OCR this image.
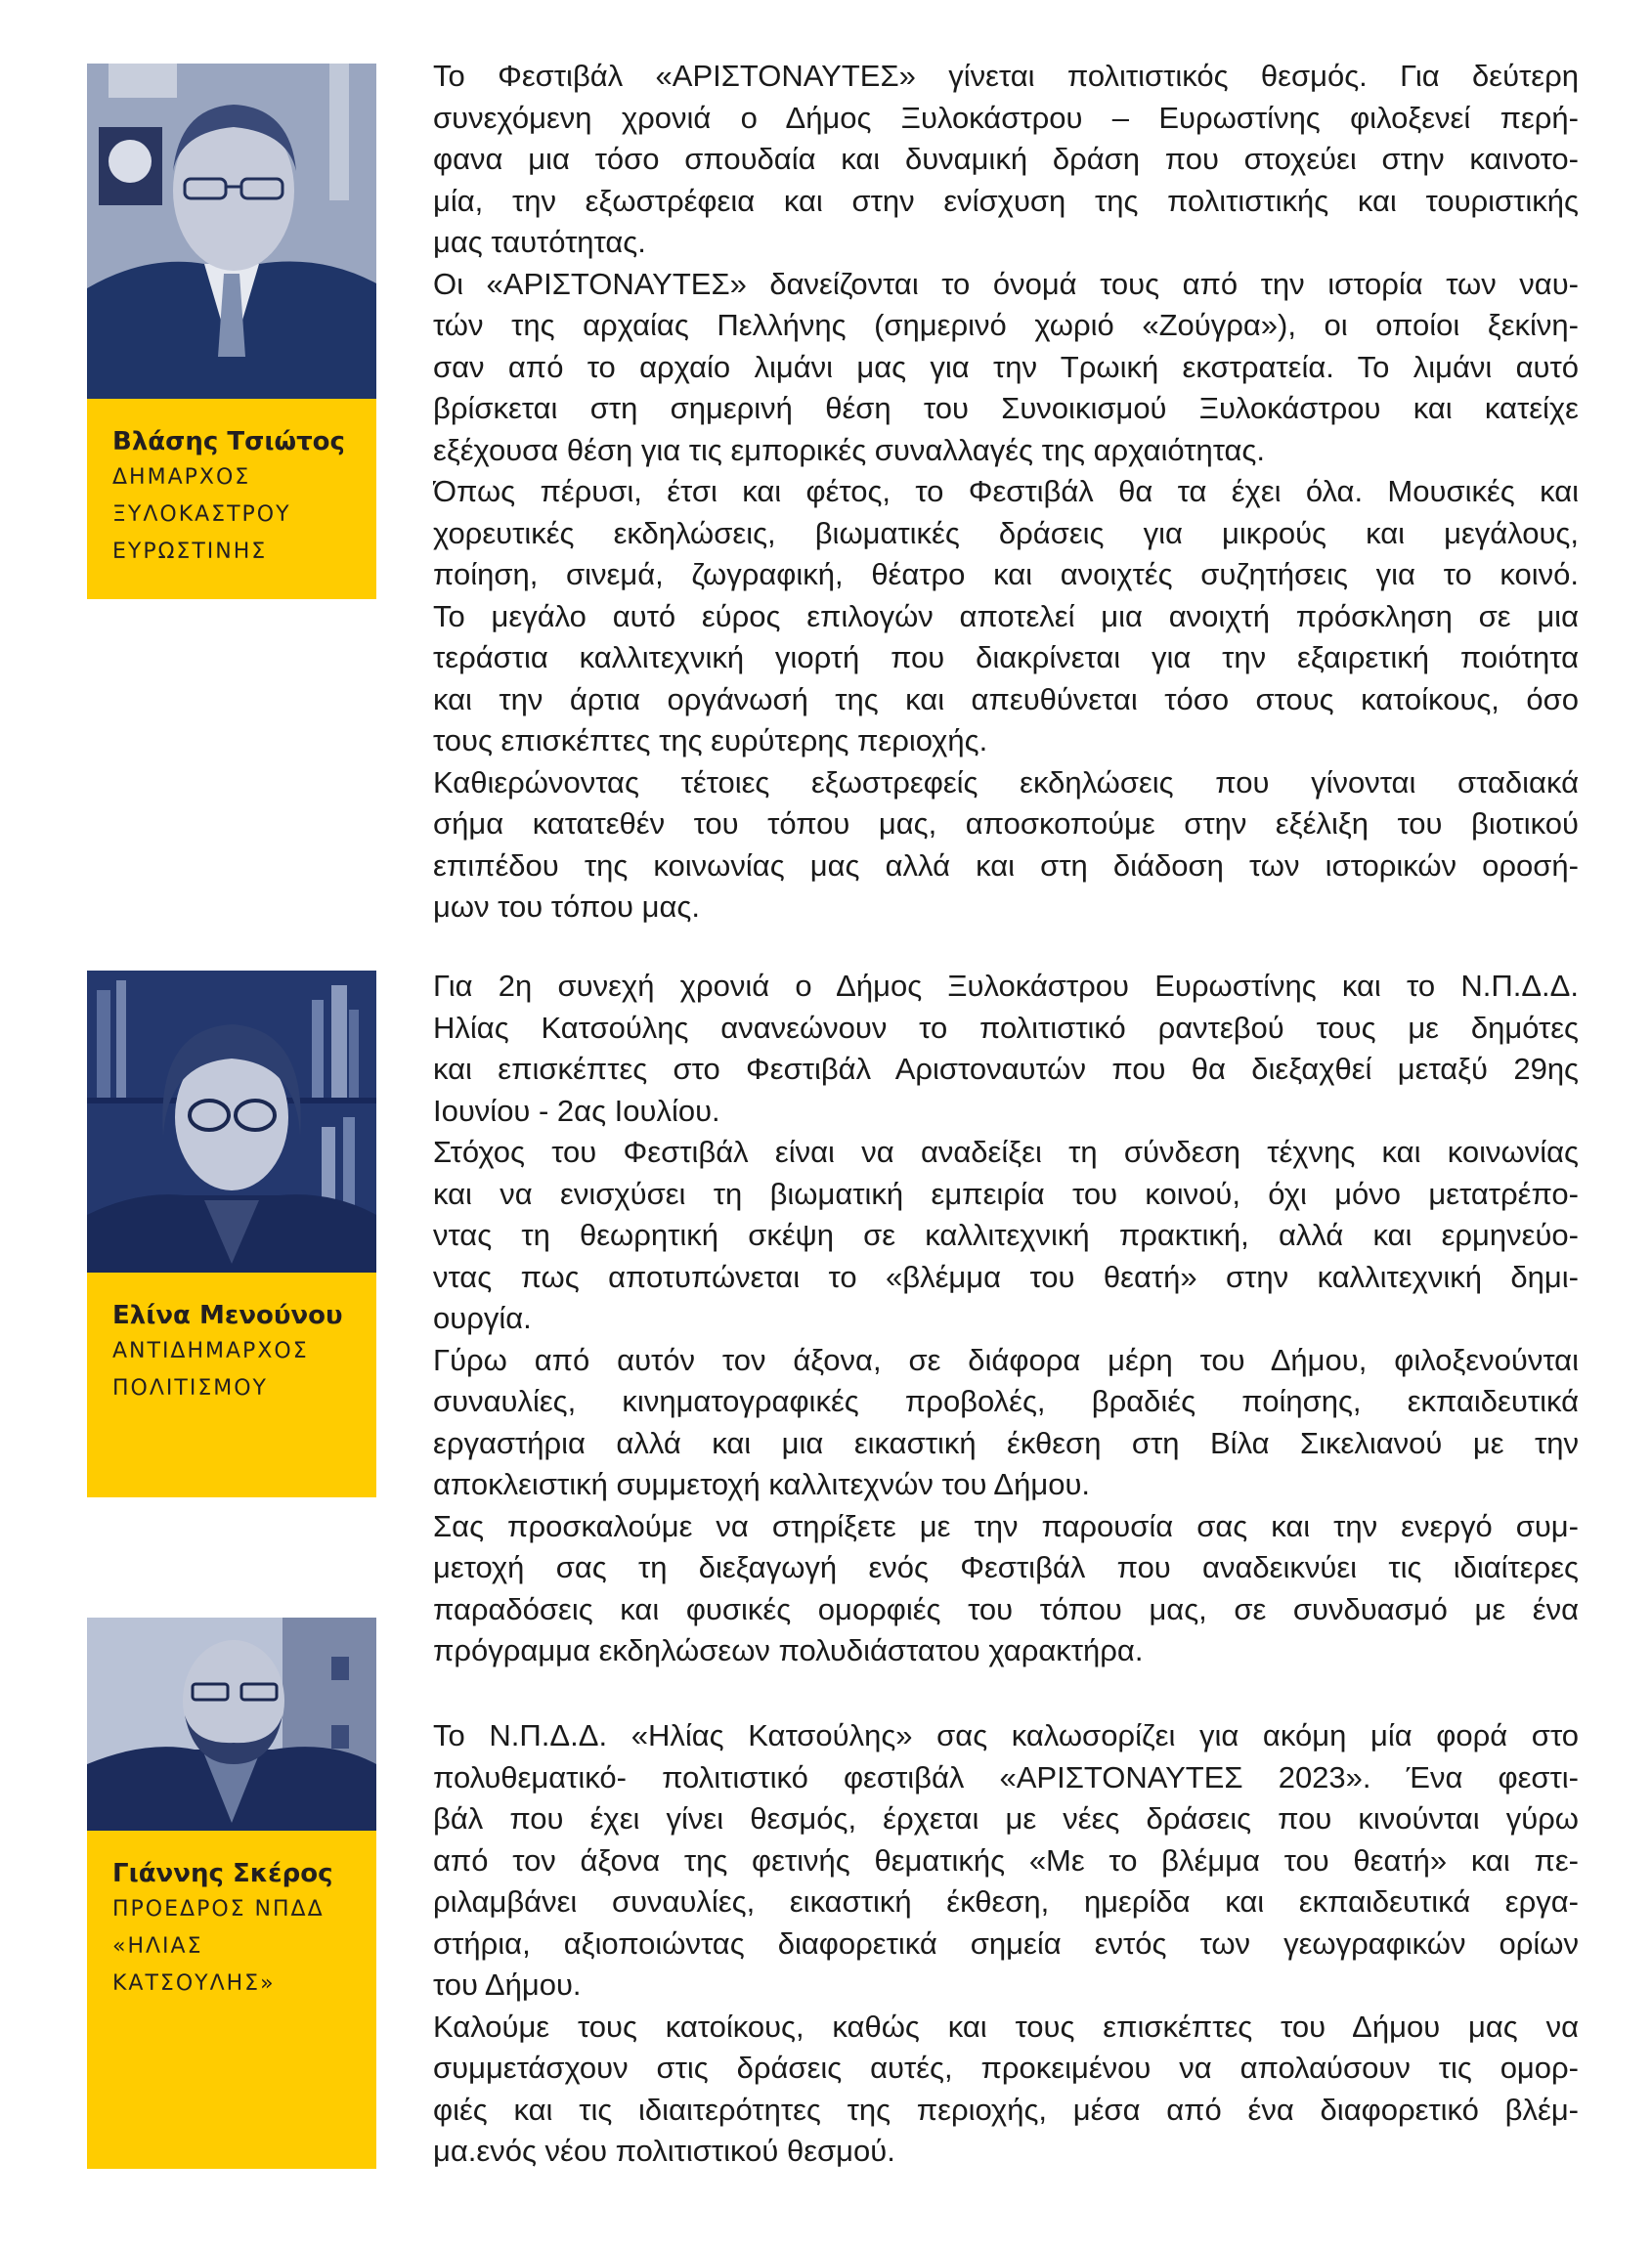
Βλάσης Τσιώτος
ΔΗΜΑΡΧΟΣ
ΞΥΛΟΚΑΣΤΡΟΥ
ΕΥΡΩΣΤΙΝΗΣ
Ελίνα Μενούνου
ΑΝΤΙΔΗΜΑΡΧΟΣ
ΠΟΛΙΤΙΣΜΟΥ
Γιάννης Σκέρος
ΠΡΟΕΔΡΟΣ ΝΠΔΔ
«ΗΛΙΑΣ
ΚΑΤΣΟΥΛΗΣ»
Το Φεστιβάλ «ΑΡΙΣΤΟΝΑΥΤΕΣ» γίνεται πολιτιστικός θεσμός. Για δεύτερη
συνεχόμενη χρονιά ο Δήμος Ξυλοκάστρου – Ευρωστίνης φιλοξενεί περή-
φανα μια τόσο σπουδαία και δυναμική δράση που στοχεύει στην καινοτο-
μία, την εξωστρέφεια και στην ενίσχυση της πολιτιστικής και τουριστικής
μας ταυτότητας.
Οι «ΑΡΙΣΤΟΝΑΥΤΕΣ» δανείζονται το όνομά τους από την ιστορία των ναυ-
τών της αρχαίας Πελλήνης (σημερινό χωριό «Ζούγρα»), οι οποίοι ξεκίνη-
σαν από το αρχαίο λιμάνι μας για την Τρωική εκστρατεία. Το λιμάνι αυτό
βρίσκεται στη σημερινή θέση του Συνοικισμού Ξυλοκάστρου και κατείχε
εξέχουσα θέση για τις εμπορικές συναλλαγές της αρχαιότητας.
Όπως πέρυσι, έτσι και φέτος, το Φεστιβάλ θα τα έχει όλα. Μουσικές και
χορευτικές εκδηλώσεις, βιωματικές δράσεις για μικρούς και μεγάλους,
ποίηση, σινεμά, ζωγραφική, θέατρο και ανοιχτές συζητήσεις για το κοινό.
Το μεγάλο αυτό εύρος επιλογών αποτελεί μια ανοιχτή πρόσκληση σε μια
τεράστια καλλιτεχνική γιορτή που διακρίνεται για την εξαιρετική ποιότητα
και την άρτια οργάνωσή της και απευθύνεται τόσο στους κατοίκους, όσο
τους επισκέπτες της ευρύτερης περιοχής.
Καθιερώνοντας τέτοιες εξωστρεφείς εκδηλώσεις που γίνονται σταδιακά
σήμα κατατεθέν του τόπου μας, αποσκοπούμε στην εξέλιξη του βιοτικού
επιπέδου της κοινωνίας μας αλλά και στη διάδοση των ιστορικών οροσή-
μων του τόπου μας.
Για 2η συνεχή χρονιά ο Δήμος Ξυλοκάστρου Ευρωστίνης και το Ν.Π.Δ.Δ.
Ηλίας Κατσούλης ανανεώνουν το πολιτιστικό ραντεβού τους με δημότες
και επισκέπτες στο Φεστιβάλ Αριστοναυτών που θα διεξαχθεί μεταξύ 29ης
Ιουνίου - 2ας Ιουλίου.
Στόχος του Φεστιβάλ είναι να αναδείξει τη σύνδεση τέχνης και κοινωνίας
και να ενισχύσει τη βιωματική εμπειρία του κοινού, όχι μόνο μετατρέπο-
ντας τη θεωρητική σκέψη σε καλλιτεχνική πρακτική, αλλά και ερμηνεύο-
ντας πως αποτυπώνεται το «βλέμμα του θεατή» στην καλλιτεχνική δημι-
ουργία.
Γύρω από αυτόν τον άξονα, σε διάφορα μέρη του Δήμου, φιλοξενούνται
συναυλίες, κινηματογραφικές προβολές, βραδιές ποίησης, εκπαιδευτικά
εργαστήρια αλλά και μια εικαστική έκθεση στη Βίλα Σικελιανού με την
αποκλειστική συμμετοχή καλλιτεχνών του Δήμου.
Σας προσκαλούμε να στηρίξετε με την παρουσία σας και την ενεργό συμ-
μετοχή σας τη διεξαγωγή ενός Φεστιβάλ που αναδεικνύει τις ιδιαίτερες
παραδόσεις και φυσικές ομορφιές του τόπου μας, σε συνδυασμό με ένα
πρόγραμμα εκδηλώσεων πολυδιάστατου χαρακτήρα.
Το Ν.Π.Δ.Δ. «Ηλίας Κατσούλης» σας καλωσορίζει για ακόμη μία φορά στο
πολυθεματικό- πολιτιστικό φεστιβάλ «ΑΡΙΣΤΟΝΑΥΤΕΣ 2023». Ένα φεστι-
βάλ που έχει γίνει θεσμός, έρχεται με νέες δράσεις που κινούνται γύρω
από τον άξονα της φετινής θεματικής «Με το βλέμμα του θεατή» και πε-
ριλαμβάνει συναυλίες, εικαστική έκθεση, ημερίδα και εκπαιδευτικά εργα-
στήρια, αξιοποιώντας διαφορετικά σημεία εντός των γεωγραφικών ορίων
του Δήμου.
Καλούμε τους κατοίκους, καθώς και τους επισκέπτες του Δήμου μας να
συμμετάσχουν στις δράσεις αυτές, προκειμένου να απολαύσουν τις ομορ-
φιές και τις ιδιαιτερότητες της περιοχής, μέσα από ένα διαφορετικό βλέμ-
μα.ενός νέου πολιτιστικού θεσμού.
